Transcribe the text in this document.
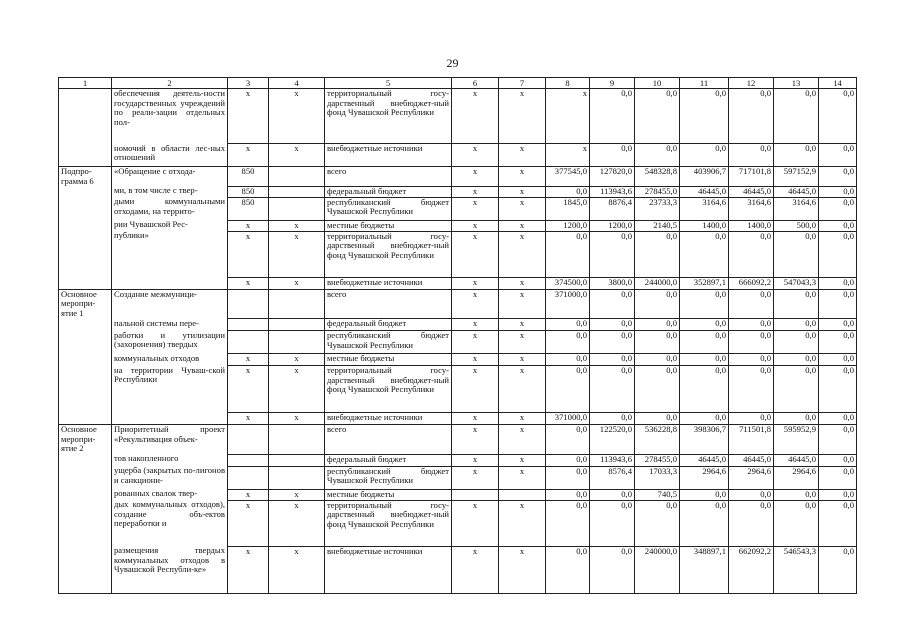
29
1	2	3	4	5	6	7	8	9	10	11	12	13	14
	обеспечения деятель-ности государственных учреждений по реали-зации отдельных пол-	x	x	территориальный госу-дарственный внебюджет-ный фонд Чувашской Республики	x	x	x	0,0	0,0	0,0	0,0	0,0	0,0
	номочий в области лес-ных отношений	x	x	внебюджетные источники	x	x	x	0,0	0,0	0,0	0,0	0,0	0,0
Подпро-грамма 6	«Обращение с отхода-	850		всего	x	x	377545,0	127820,0	548328,8	403906,7	717101,8	597152,9	0,0
	ми, в том числе с твер-	850		федеральный бюджет	x	x	0,0	113943,6	278455,0	46445,0	46445,0	46445,0	0,0
	дыми коммунальными отходами, на террито-	850		республиканский бюджет Чувашской Республики	x	x	1845,0	8876,4	23733,3	3164,6	3164,6	3164,6	0,0
	рии Чувашской Рес-	x	x	местные бюджеты	x	x	1200,0	1200,0	2140,5	1400,0	1400,0	500,0	0,0
	публики»	x	x	территориальный госу-дарственный внебюджет-ный фонд Чувашской Республики	x	x	0,0	0,0	0,0	0,0	0,0	0,0	0,0
		x	x	внебюджетные источники	x	x	374500,0	3800,0	244000,0	352897,1	666092,2	547043,3	0,0
Основное меропри-ятие 1	Создание межмуници-			всего	x	x	371000,0	0,0	0,0	0,0	0,0	0,0	0,0
	пальной системы пере-			федеральный бюджет	x	x	0,0	0,0	0,0	0,0	0,0	0,0	0,0
	работки и утилизации (захоронения) твердых			республиканский бюджет Чувашской Республики	x	x	0,0	0,0	0,0	0,0	0,0	0,0	0,0
	коммунальных отходов	x	x	местные бюджеты	x	x	0,0	0,0	0,0	0,0	0,0	0,0	0,0
	на территории Чуваш-ской Республики	x	x	территориальный госу-дарственный внебюджет-ный фонд Чувашской Республики	x	x	0,0	0,0	0,0	0,0	0,0	0,0	0,0
		x	x	внебюджетные источники	x	x	371000,0	0,0	0,0	0,0	0,0	0,0	0,0
Основное меропри-ятие 2	Приоритетный проект «Рекультивация объек-			всего	x	x	0,0	122520,0	536228,8	398306,7	711501,8	595952,9	0,0
	тов накопленного			федеральный бюджет	x	x	0,0	113943,6	278455,0	46445,0	46445,0	46445,0	0,0
	ущерба (закрытых по-лигонов и санкциони-			республиканский бюджет Чувашской Республики	x	x	0,0	8576,4	17033,3	2964,6	2964,6	2964,6	0,0
	рованных свалок твер-	x	x	местные бюджеты			0,0	0,0	740,5	0,0	0,0	0,0	0,0
	дых коммунальных отходов), создание объ-ектов переработки и	x	x	территориальный госу-дарственный внебюджет-ный фонд Чувашской Республики	x	x	0,0	0,0	0,0	0,0	0,0	0,0	0,0
	размещения твердых коммунальных отходов в Чувашской Республи-ке»	x	x	внебюджетные источники	x	x	0,0	0,0	240000,0	348897,1	662092,2	546543,3	0,0
